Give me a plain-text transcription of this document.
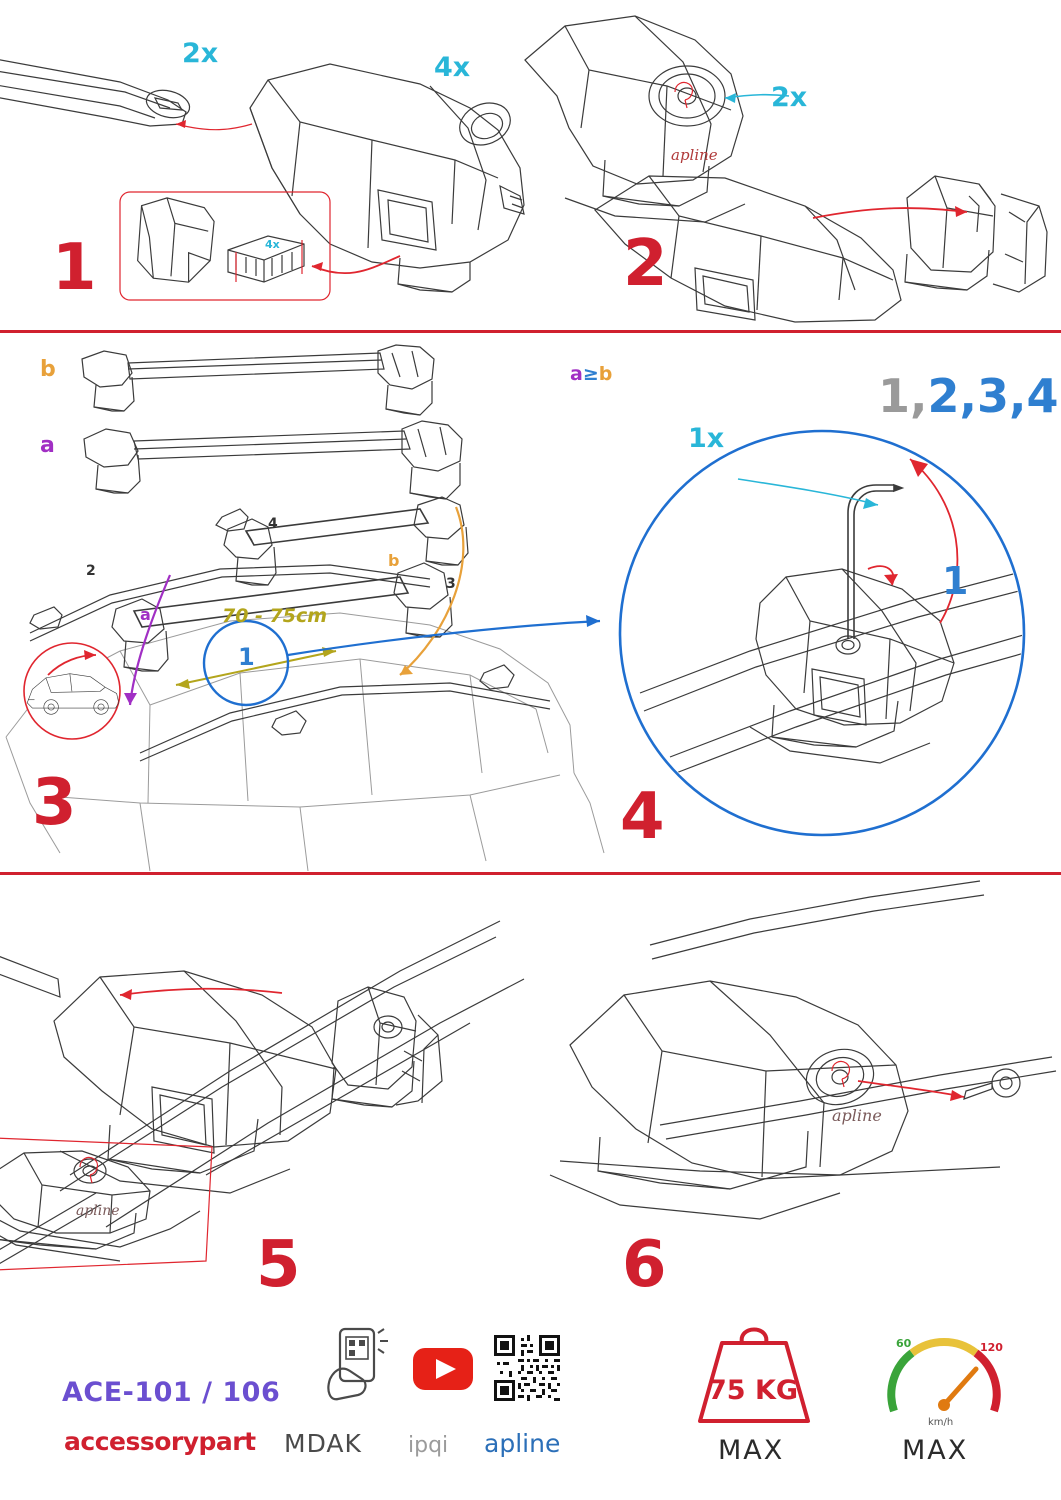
4x
2x	4x
1
apline
2x
2
b
a
a
b
70 - 75cm
1
2
3
4
3
a≥b
1x
1,2,3,4
1
4
apline
5
apline
6
ACE-101 / 106
accessorypart MDAK ipqi apline
75 KG
MAX
60	120
km/h
MAX
